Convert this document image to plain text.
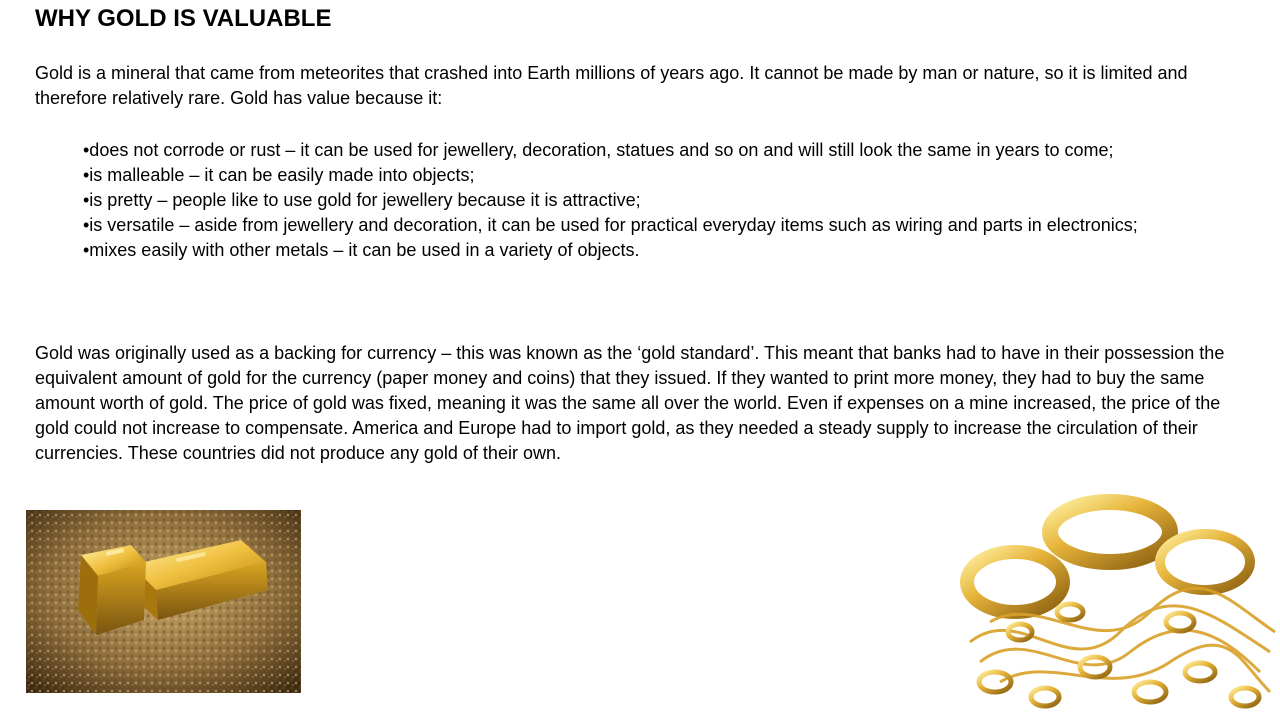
WHY GOLD IS VALUABLE

Gold is a mineral that came from meteorites that crashed into Earth millions of years ago. It cannot be made by man or nature, so it is limited and therefore relatively rare. Gold has value because it:

•does not corrode or rust – it can be used for jewellery, decoration, statues and so on and will still look the same in years to come;
•is malleable – it can be easily made into objects;
•is pretty – people like to use gold for jewellery because it is attractive;
•is versatile – aside from jewellery and decoration, it can be used for practical everyday items such as wiring and parts in electronics;
•mixes easily with other metals – it can be used in a variety of objects.

Gold was originally used as a backing for currency – this was known as the ‘gold standard’. This meant that banks had to have in their possession the equivalent amount of gold for the currency (paper money and coins) that they issued. If they wanted to print more money, they had to buy the same amount worth of gold. The price of gold was fixed, meaning it was the same all over the world. Even if expenses on a mine increased, the price of the gold could not increase to compensate. America and Europe had to import gold, as they needed a steady supply to increase the circulation of their currencies. These countries did not produce any gold of their own.
